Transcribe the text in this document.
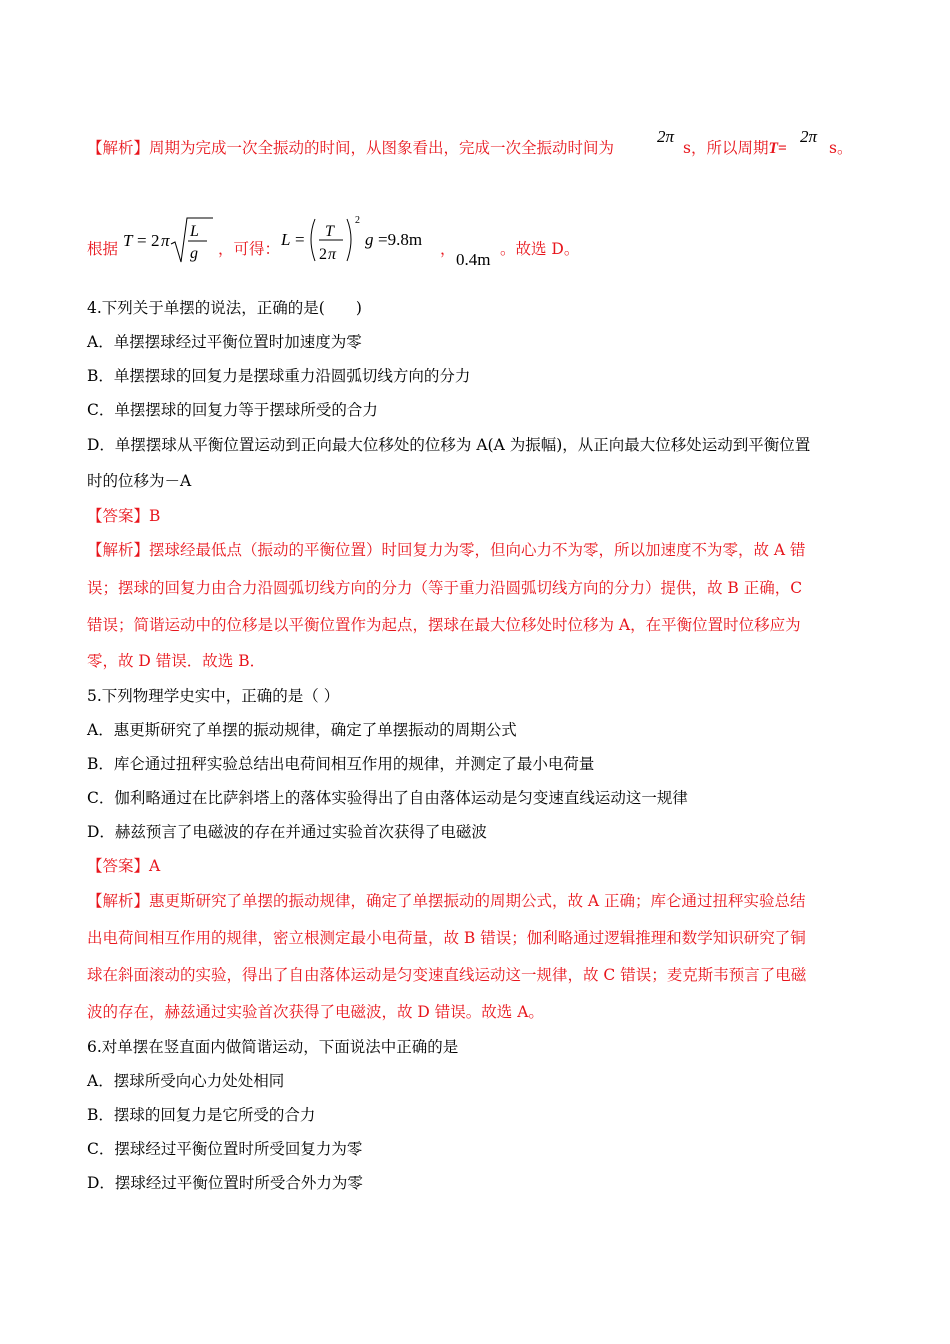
【解析】周期为完成一次全振动的时间，从图象看出，完成一次全振动时间为
2π
s，所以周期T=
2π
s。
根据 T = 2 π L
g ，可得： L = T
2 π
2
g =9.8m ，
0.4m
。故选 D。
4.下列关于单摆的说法，正确的是(　　)
A．单摆摆球经过平衡位置时加速度为零
B．单摆摆球的回复力是摆球重力沿圆弧切线方向的分力
C．单摆摆球的回复力等于摆球所受的合力
D．单摆摆球从平衡位置运动到正向最大位移处的位移为 A(A 为振幅)，从正向最大位移处运动到平衡位置
时的位移为－A
【答案】B
【解析】摆球经最低点（振动的平衡位置）时回复力为零，但向心力不为零，所以加速度不为零，故 A 错
误；摆球的回复力由合力沿圆弧切线方向的分力（等于重力沿圆弧切线方向的分力）提供，故 B 正确，C
错误；简谐运动中的位移是以平衡位置作为起点，摆球在最大位移处时位移为 A，在平衡位置时位移应为
零，故 D 错误．故选 B．
5.下列物理学史实中，正确的是（ ）
A．惠更斯研究了单摆的振动规律，确定了单摆振动的周期公式
B．库仑通过扭秤实验总结出电荷间相互作用的规律，并测定了最小电荷量
C．伽利略通过在比萨斜塔上的落体实验得出了自由落体运动是匀变速直线运动这一规律
D．赫兹预言了电磁波的存在并通过实验首次获得了电磁波
【答案】A
【解析】惠更斯研究了单摆的振动规律，确定了单摆振动的周期公式，故 A 正确；库仑通过扭秤实验总结
出电荷间相互作用的规律，密立根测定最小电荷量，故 B 错误；伽利略通过逻辑推理和数学知识研究了铜
球在斜面滚动的实验，得出了自由落体运动是匀变速直线运动这一规律，故 C 错误；麦克斯韦预言了电磁
波的存在，赫兹通过实验首次获得了电磁波，故 D 错误。故选 A。
6.对单摆在竖直面内做简谐运动，下面说法中正确的是
A．摆球所受向心力处处相同
B．摆球的回复力是它所受的合力
C．摆球经过平衡位置时所受回复力为零
D．摆球经过平衡位置时所受合外力为零
